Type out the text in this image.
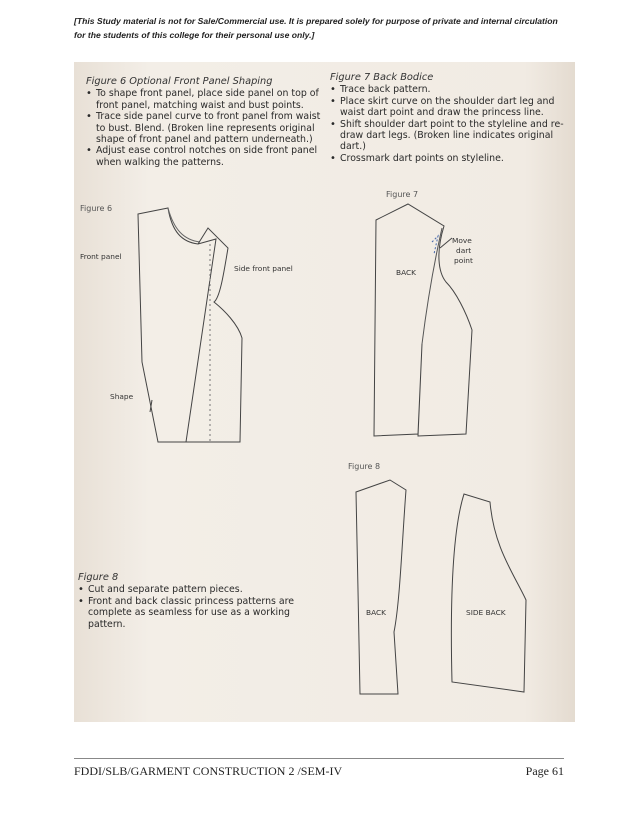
[This Study material is not for Sale/Commercial use. It is prepared solely for purpose of private and internal circulation
for the students of this college for their personal use only.]
Figure 6 Optional Front Panel Shaping
• To shape front panel, place side panel on top of front panel, matching waist and bust points.
• Trace side panel curve to front panel from waist to bust. Blend. (Broken line represents original shape of front panel and pattern underneath.)
• Adjust ease control notches on side front panel when walking the patterns.
Figure 7 Back Bodice
• Trace back pattern.
• Place skirt curve on the shoulder dart leg and waist dart point and draw the princess line.
• Shift shoulder dart point to the styleline and re-draw dart legs. (Broken line indicates original dart.)
• Crossmark dart points on styleline.
Figure 6
Front panel
Side front panel
Shape
Figure 7
BACK
Move
dart
point
Figure 8
BACK	SIDE BACK
Figure 8
• Cut and separate pattern pieces.
• Front and back classic princess patterns are complete as seamless for use as a working pattern.
FDDI/SLB/GARMENT CONSTRUCTION 2 /SEM-IV	Page 61
